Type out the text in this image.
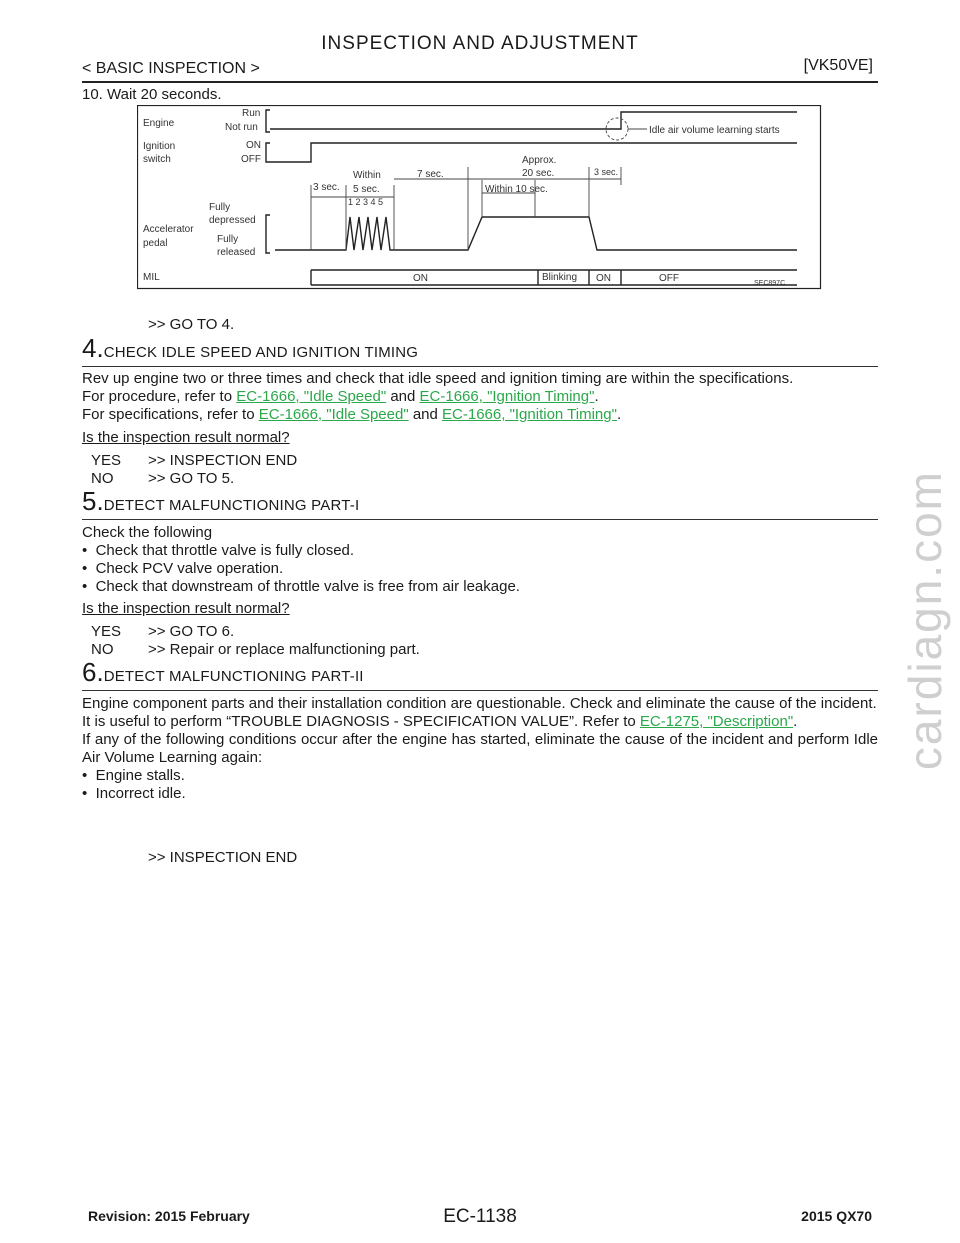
INSPECTION AND ADJUSTMENT
< BASIC INSPECTION >	[VK50VE]
10. Wait 20 seconds.
Engine
Run
Not run	Idle air volume learning starts
Ignition
switch
ON
OFF	Approx.
20 sec.
Within
5 sec.
7 sec.
3 sec.	Within 10 sec.
3 sec.
1 2 3 4 5
Fully
depressed
Accelerator
pedal	Fully
released
MIL	ON	Blinking ON	OFF	SEC897C
>> GO TO 4.
4.CHECK IDLE SPEED AND IGNITION TIMING
Rev up engine two or three times and check that idle speed and ignition timing are within the specifications.
For procedure, refer to EC-1666, "Idle Speed" and EC-1666, "Ignition Timing".
For specifications, refer to EC-1666, "Idle Speed" and EC-1666, "Ignition Timing".
Is the inspection result normal?
YES >> INSPECTION END
NO >> GO TO 5.
5.DETECT MALFUNCTIONING PART-I
Check the following
•  Check that throttle valve is fully closed.
•  Check PCV valve operation.
•  Check that downstream of throttle valve is free from air leakage.
Is the inspection result normal?
YES >> GO TO 6.
NO >> Repair or replace malfunctioning part.
6.DETECT MALFUNCTIONING PART-II
Engine component parts and their installation condition are questionable. Check and eliminate the cause of the incident.
It is useful to perform “TROUBLE DIAGNOSIS - SPECIFICATION VALUE”. Refer to EC-1275, "Description".
If any of the following conditions occur after the engine has started, eliminate the cause of the incident and perform Idle Air Volume Learning again:
•  Engine stalls.
•  Incorrect idle.
>> INSPECTION END
cardiagn.com
Revision: 2015 February	EC-1138	2015 QX70
